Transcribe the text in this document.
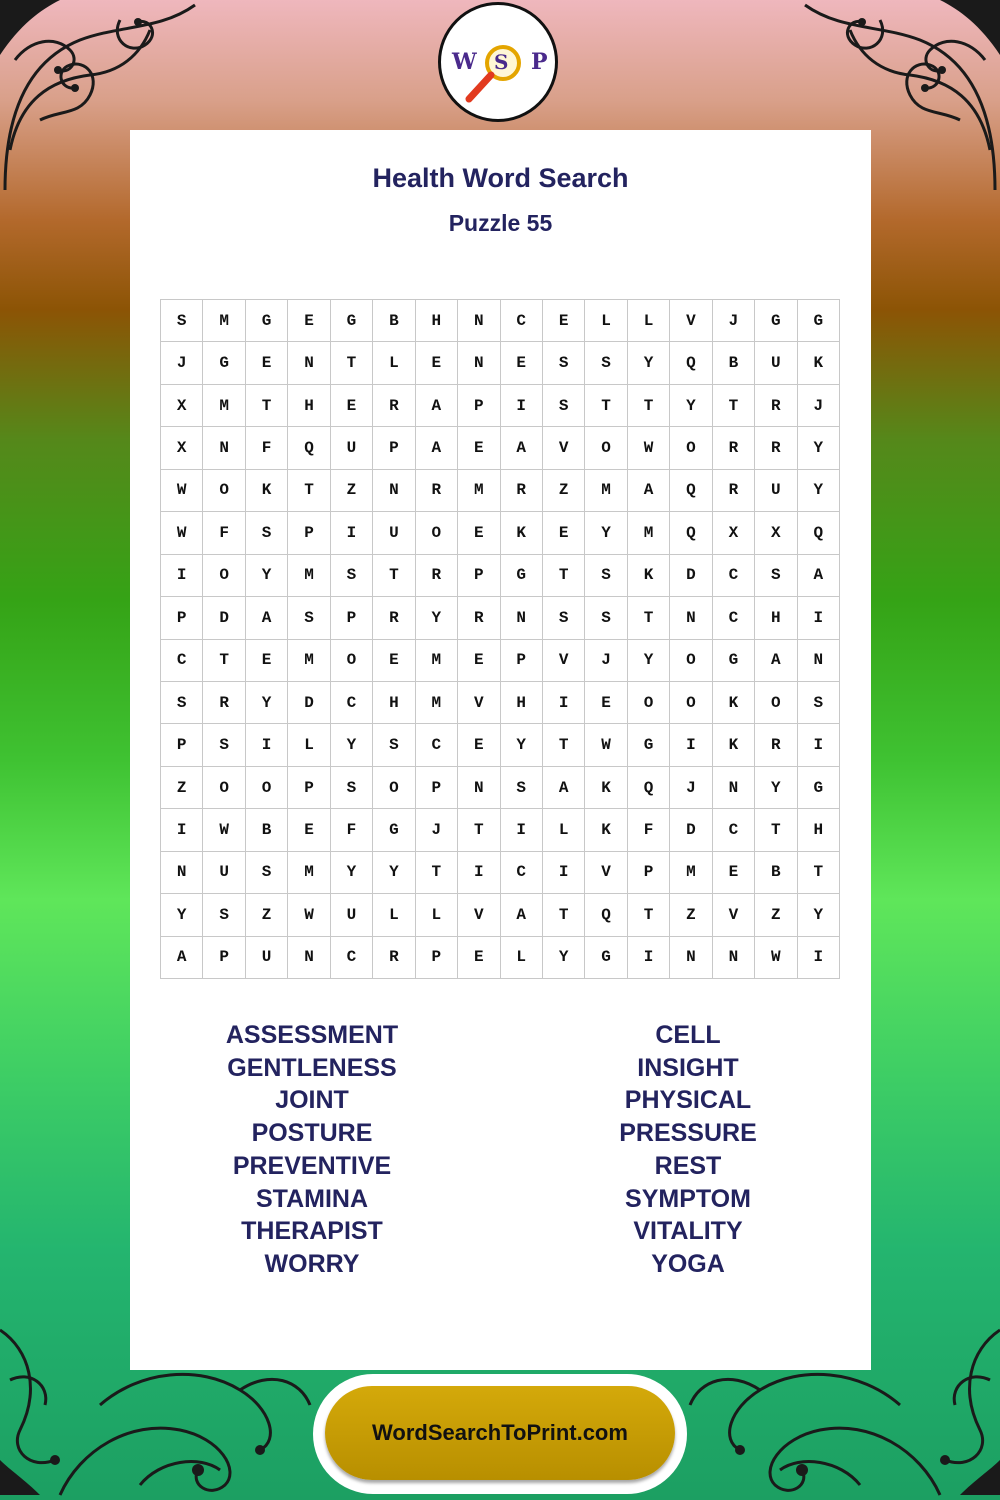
W S P
Health Word Search
Puzzle 55
S	M	G	E	G	B	H	N	C	E	L	L	V	J	G	G
J	G	E	N	T	L	E	N	E	S	S	Y	Q	B	U	K
X	M	T	H	E	R	A	P	I	S	T	T	Y	T	R	J
X	N	F	Q	U	P	A	E	A	V	O	W	O	R	R	Y
W	O	K	T	Z	N	R	M	R	Z	M	A	Q	R	U	Y
W	F	S	P	I	U	O	E	K	E	Y	M	Q	X	X	Q
I	O	Y	M	S	T	R	P	G	T	S	K	D	C	S	A
P	D	A	S	P	R	Y	R	N	S	S	T	N	C	H	I
C	T	E	M	O	E	M	E	P	V	J	Y	O	G	A	N
S	R	Y	D	C	H	M	V	H	I	E	O	O	K	O	S
P	S	I	L	Y	S	C	E	Y	T	W	G	I	K	R	I
Z	O	O	P	S	O	P	N	S	A	K	Q	J	N	Y	G
I	W	B	E	F	G	J	T	I	L	K	F	D	C	T	H
N	U	S	M	Y	Y	T	I	C	I	V	P	M	E	B	T
Y	S	Z	W	U	L	L	V	A	T	Q	T	Z	V	Z	Y
A	P	U	N	C	R	P	E	L	Y	G	I	N	N	W	I
ASSESSMENT
GENTLENESS
JOINT
POSTURE
PREVENTIVE
STAMINA
THERAPIST
WORRY
CELL
INSIGHT
PHYSICAL
PRESSURE
REST
SYMPTOM
VITALITY
YOGA
WordSearchToPrint.com
